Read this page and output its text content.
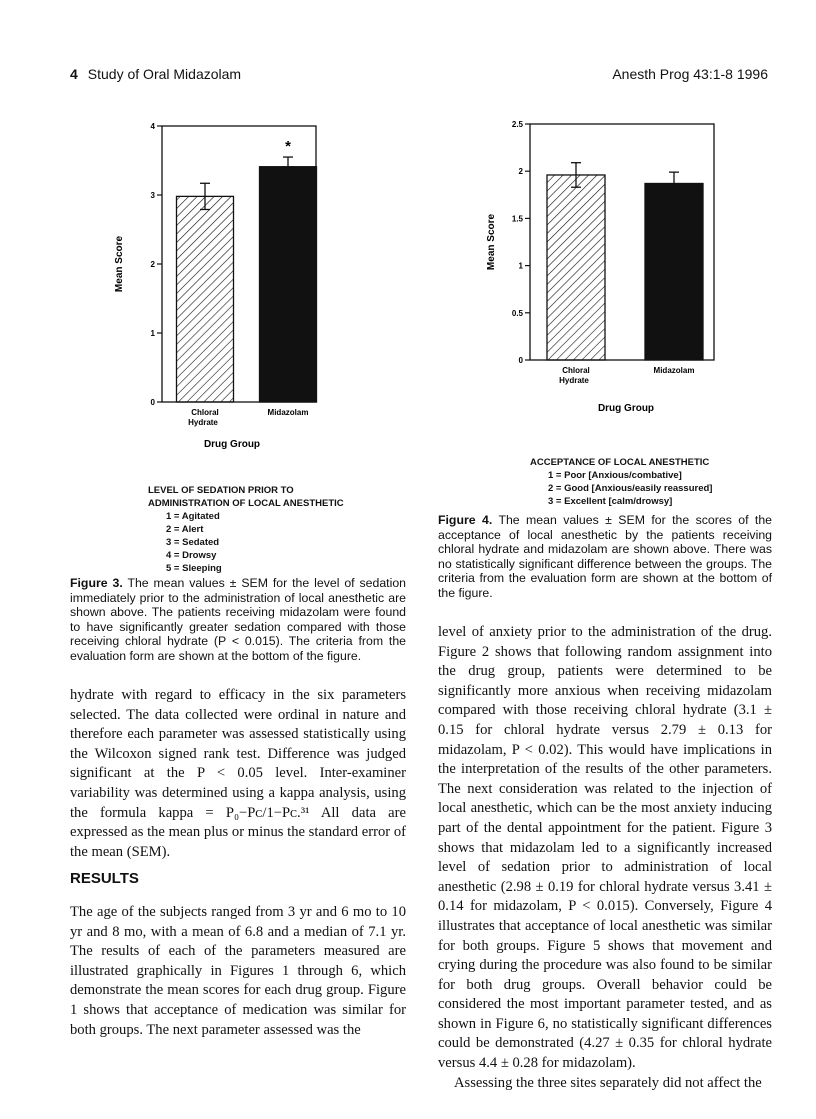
4 Study of Oral Midazolam	Anesth Prog 43:1-8 1996
0
1
2
3
4
Mean Score
Chloral
Hydrate
*
Midazolam
Drug Group
0
0.5
1
1.5
2
2.5
Mean Score
Chloral
Hydrate
Midazolam
Drug Group
LEVEL OF SEDATION PRIOR TO
ADMINISTRATION OF LOCAL ANESTHETIC
1 = Agitated
2 = Alert
3 = Sedated
4 = Drowsy
5 = Sleeping
ACCEPTANCE OF LOCAL ANESTHETIC
1 = Poor [Anxious/combative]
2 = Good [Anxious/easily reassured]
3 = Excellent [calm/drowsy]
Figure 3. The mean values ± SEM for the level of sedation immediately prior to the administration of local anesthetic are shown above. The patients receiving midazolam were found to have significantly greater sedation compared with those receiving chloral hydrate (P < 0.015). The criteria from the evaluation form are shown at the bottom of the figure.
Figure 4. The mean values ± SEM for the scores of the acceptance of local anesthetic by the patients receiving chloral hydrate and midazolam are shown above. There was no statistically significant difference between the groups. The criteria from the evaluation form are shown at the bottom of the figure.

hydrate with regard to efficacy in the six parameters selected. The data collected were ordinal in nature and therefore each parameter was assessed statistically using the Wilcoxon signed rank test. Difference was judged significant at the P < 0.05 level. Inter-examiner variability was determined using a kappa analysis, using the formula kappa = P₀−Pᴄ/1−Pᴄ.³¹ All data are expressed as the mean plus or minus the standard error of the mean (SEM).

RESULTS

The age of the subjects ranged from 3 yr and 6 mo to 10 yr and 8 mo, with a mean of 6.8 and a median of 7.1 yr. The results of each of the parameters measured are illustrated graphically in Figures 1 through 6, which demonstrate the mean scores for each drug group. Figure 1 shows that acceptance of medication was similar for both groups. The next parameter assessed was the

level of anxiety prior to the administration of the drug. Figure 2 shows that following random assignment into the drug group, patients were determined to be significantly more anxious when receiving midazolam compared with those receiving chloral hydrate (3.1 ± 0.15 for chloral hydrate versus 2.79 ± 0.13 for midazolam, P < 0.02). This would have implications in the interpretation of the results of the other parameters. The next consideration was related to the injection of local anesthetic, which can be the most anxiety inducing part of the dental appointment for the patient. Figure 3 shows that midazolam led to a significantly increased level of sedation prior to administration of local anesthetic (2.98 ± 0.19 for chloral hydrate versus 3.41 ± 0.14 for midazolam, P < 0.015). Conversely, Figure 4 illustrates that acceptance of local anesthetic was similar for both groups. Figure 5 shows that movement and crying during the procedure was also found to be similar for both drug groups. Overall behavior could be considered the most important parameter tested, and as shown in Figure 6, no statistically significant differences could be demonstrated (4.27 ± 0.35 for chloral hydrate versus 4.4 ± 0.28 for midazolam).

Assessing the three sites separately did not affect the
